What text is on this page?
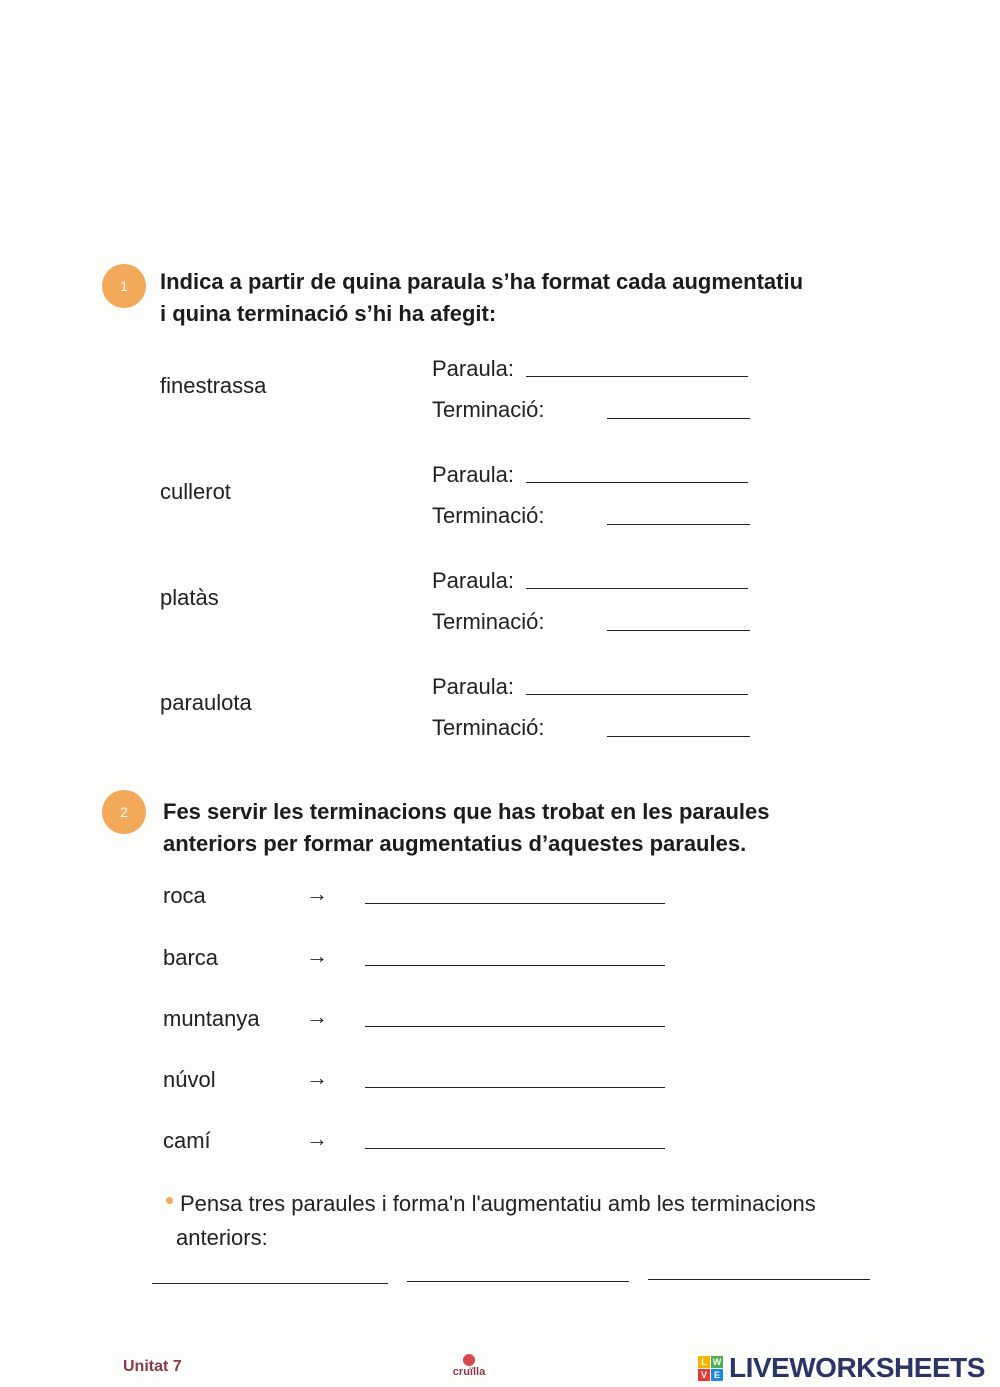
1	Indica a partir de quina paraula s’ha format cada augmentatiu
i quina terminació s’hi ha afegit:
finestrassa
Paraula:
Terminació:
cullerot
Paraula:
Terminació:
platàs
Paraula:
Terminació:
paraulota
Paraula:
Terminació:
2	Fes servir les terminacions que has trobat en les paraules
anteriors per formar augmentatius d’aquestes paraules.
roca	→
barca	→
muntanya →
núvol	→
camí	→
Pensa tres paraules i forma'n l'augmentatiu amb les terminacions
anteriors:
Unitat 7	cruïlla
L W
V E LIVEWORKSHEETS
